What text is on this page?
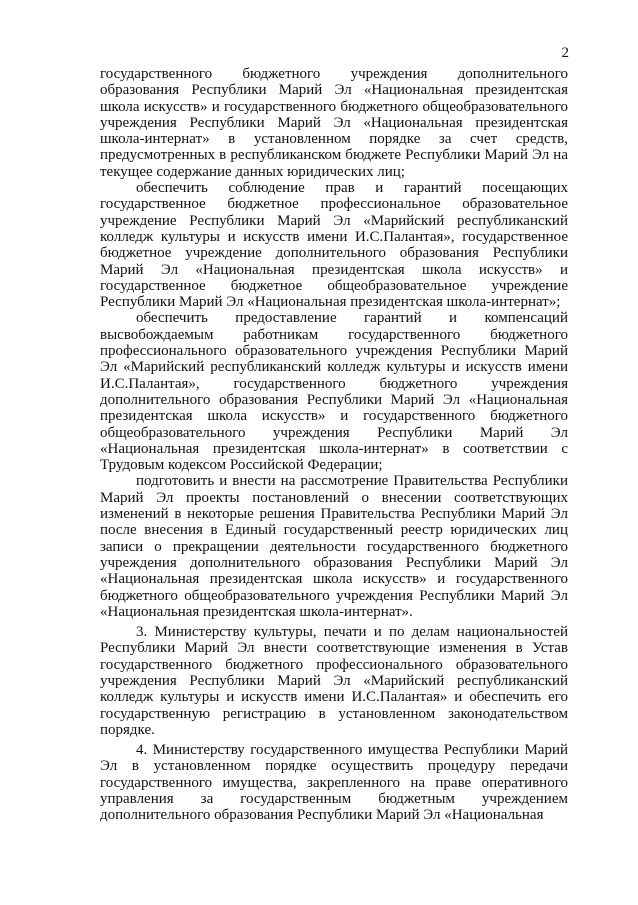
2

государственного бюджетного учреждения дополнительного образования Республики Марий Эл «Национальная президентская школа искусств» и государственного бюджетного общеобразовательного учреждения Республики Марий Эл «Национальная президентская школа-интернат» в установленном порядке за счет средств, предусмотренных в республиканском бюджете Республики Марий Эл на текущее содержание данных юридических лиц;

обеспечить соблюдение прав и гарантий посещающих государственное бюджетное профессиональное образовательное учреждение Республики Марий Эл «Марийский республиканский колледж культуры и искусств имени И.С.Палантая», государственное бюджетное учреждение дополнительного образования Республики Марий Эл «Национальная президентская школа искусств» и государственное бюджетное общеобразовательное учреждение Республики Марий Эл «Национальная президентская школа-интернат»;

обеспечить предоставление гарантий и компенсаций высвобождаемым работникам государственного бюджетного профессионального образовательного учреждения Республики Марий Эл «Марийский республиканский колледж культуры и искусств имени И.С.Палантая», государственного бюджетного учреждения дополнительного образования Республики Марий Эл «Национальная президентская школа искусств» и государственного бюджетного общеобразовательного учреждения Республики Марий Эл «Национальная президентская школа-интернат» в соответствии с Трудовым кодексом Российской Федерации;

подготовить и внести на рассмотрение Правительства Республики Марий Эл проекты постановлений о внесении соответствующих изменений в некоторые решения Правительства Республики Марий Эл после внесения в Единый государственный реестр юридических лиц записи о прекращении деятельности государственного бюджетного учреждения дополнительного образования Республики Марий Эл «Национальная президентская школа искусств» и государственного бюджетного общеобразовательного учреждения Республики Марий Эл «Национальная президентская школа-интернат».

3. Министерству культуры, печати и по делам национальностей Республики Марий Эл внести соответствующие изменения в Устав государственного бюджетного профессионального образовательного учреждения Республики Марий Эл «Марийский республиканский колледж культуры и искусств имени И.С.Палантая» и обеспечить его государственную регистрацию в установленном законодательством порядке.

4. Министерству государственного имущества Республики Марий Эл в установленном порядке осуществить процедуру передачи государственного имущества, закрепленного на праве оперативного управления за государственным бюджетным учреждением дополнительного образования Республики Марий Эл «Национальная
